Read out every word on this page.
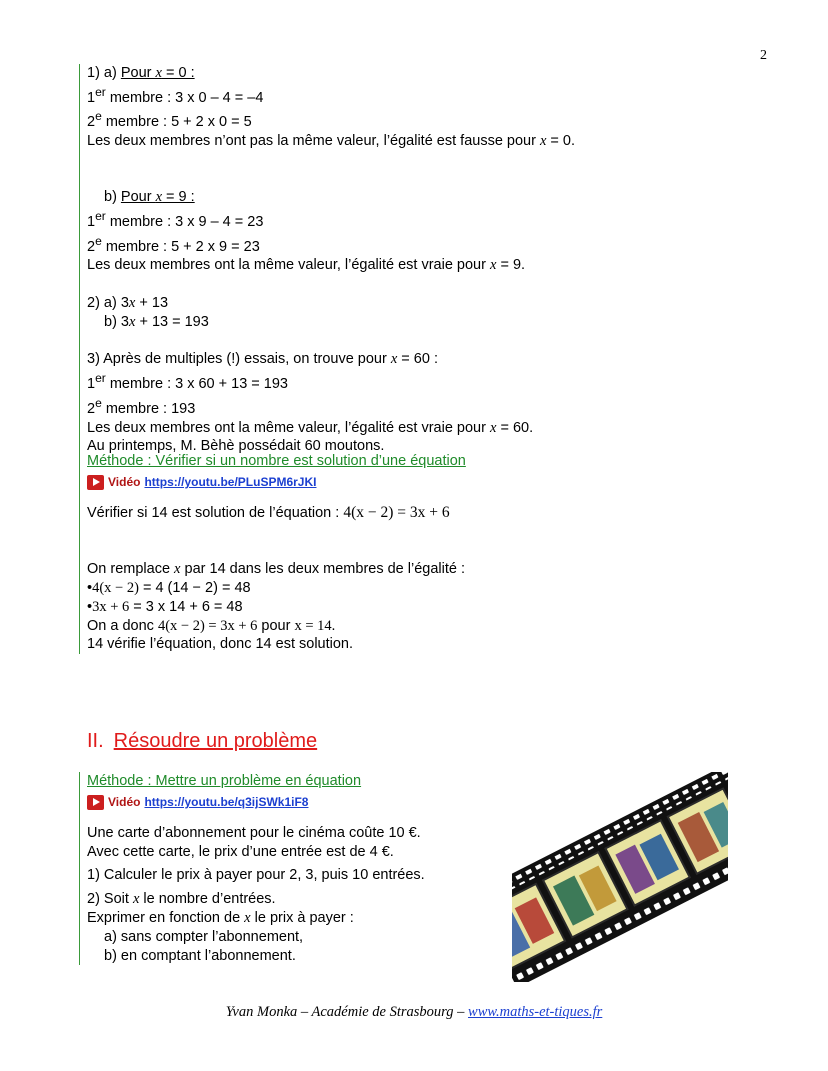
2
1) a) Pour x = 0 :
1er membre : 3 x 0 – 4 = –4
2e membre : 5 + 2 x 0 = 5
Les deux membres n’ont pas la même valeur, l’égalité est fausse pour x = 0.
b) Pour x = 9 :
1er membre : 3 x 9 – 4 = 23
2e membre : 5 + 2 x 9 = 23
Les deux membres ont la même valeur, l’égalité est vraie pour x = 9.
2) a) 3x + 13
b) 3x + 13 = 193
3) Après de multiples (!) essais, on trouve pour x = 60 :
1er membre : 3 x 60 + 13 = 193
2e membre : 193
Les deux membres ont la même valeur, l’égalité est vraie pour x = 60.
Au printemps, M. Bèhè possédait 60 moutons.
Méthode : Vérifier si un nombre est solution d’une équation
Vidéo https://youtu.be/PLuSPM6rJKI
Vérifier si 14 est solution de l’équation : 4(x − 2) = 3x + 6
On remplace x par 14 dans les deux membres de l’égalité :
•4(x − 2) = 4 (14 − 2) = 48
•3x + 6 = 3 x 14 + 6 = 48
On a donc 4(x − 2) = 3x + 6 pour x = 14.
14 vérifie l’équation, donc 14 est solution.
II. Résoudre un problème
Méthode : Mettre un problème en équation
Vidéo https://youtu.be/q3ijSWk1iF8
Une carte d’abonnement pour le cinéma coûte 10 €.
Avec cette carte, le prix d’une entrée est de 4 €.
1) Calculer le prix à payer pour 2, 3, puis 10 entrées.
2) Soit x le nombre d’entrées.
Exprimer en fonction de x le prix à payer :
a) sans compter l’abonnement,
b) en comptant l’abonnement.
Yvan Monka – Académie de Strasbourg – www.maths-et-tiques.fr
